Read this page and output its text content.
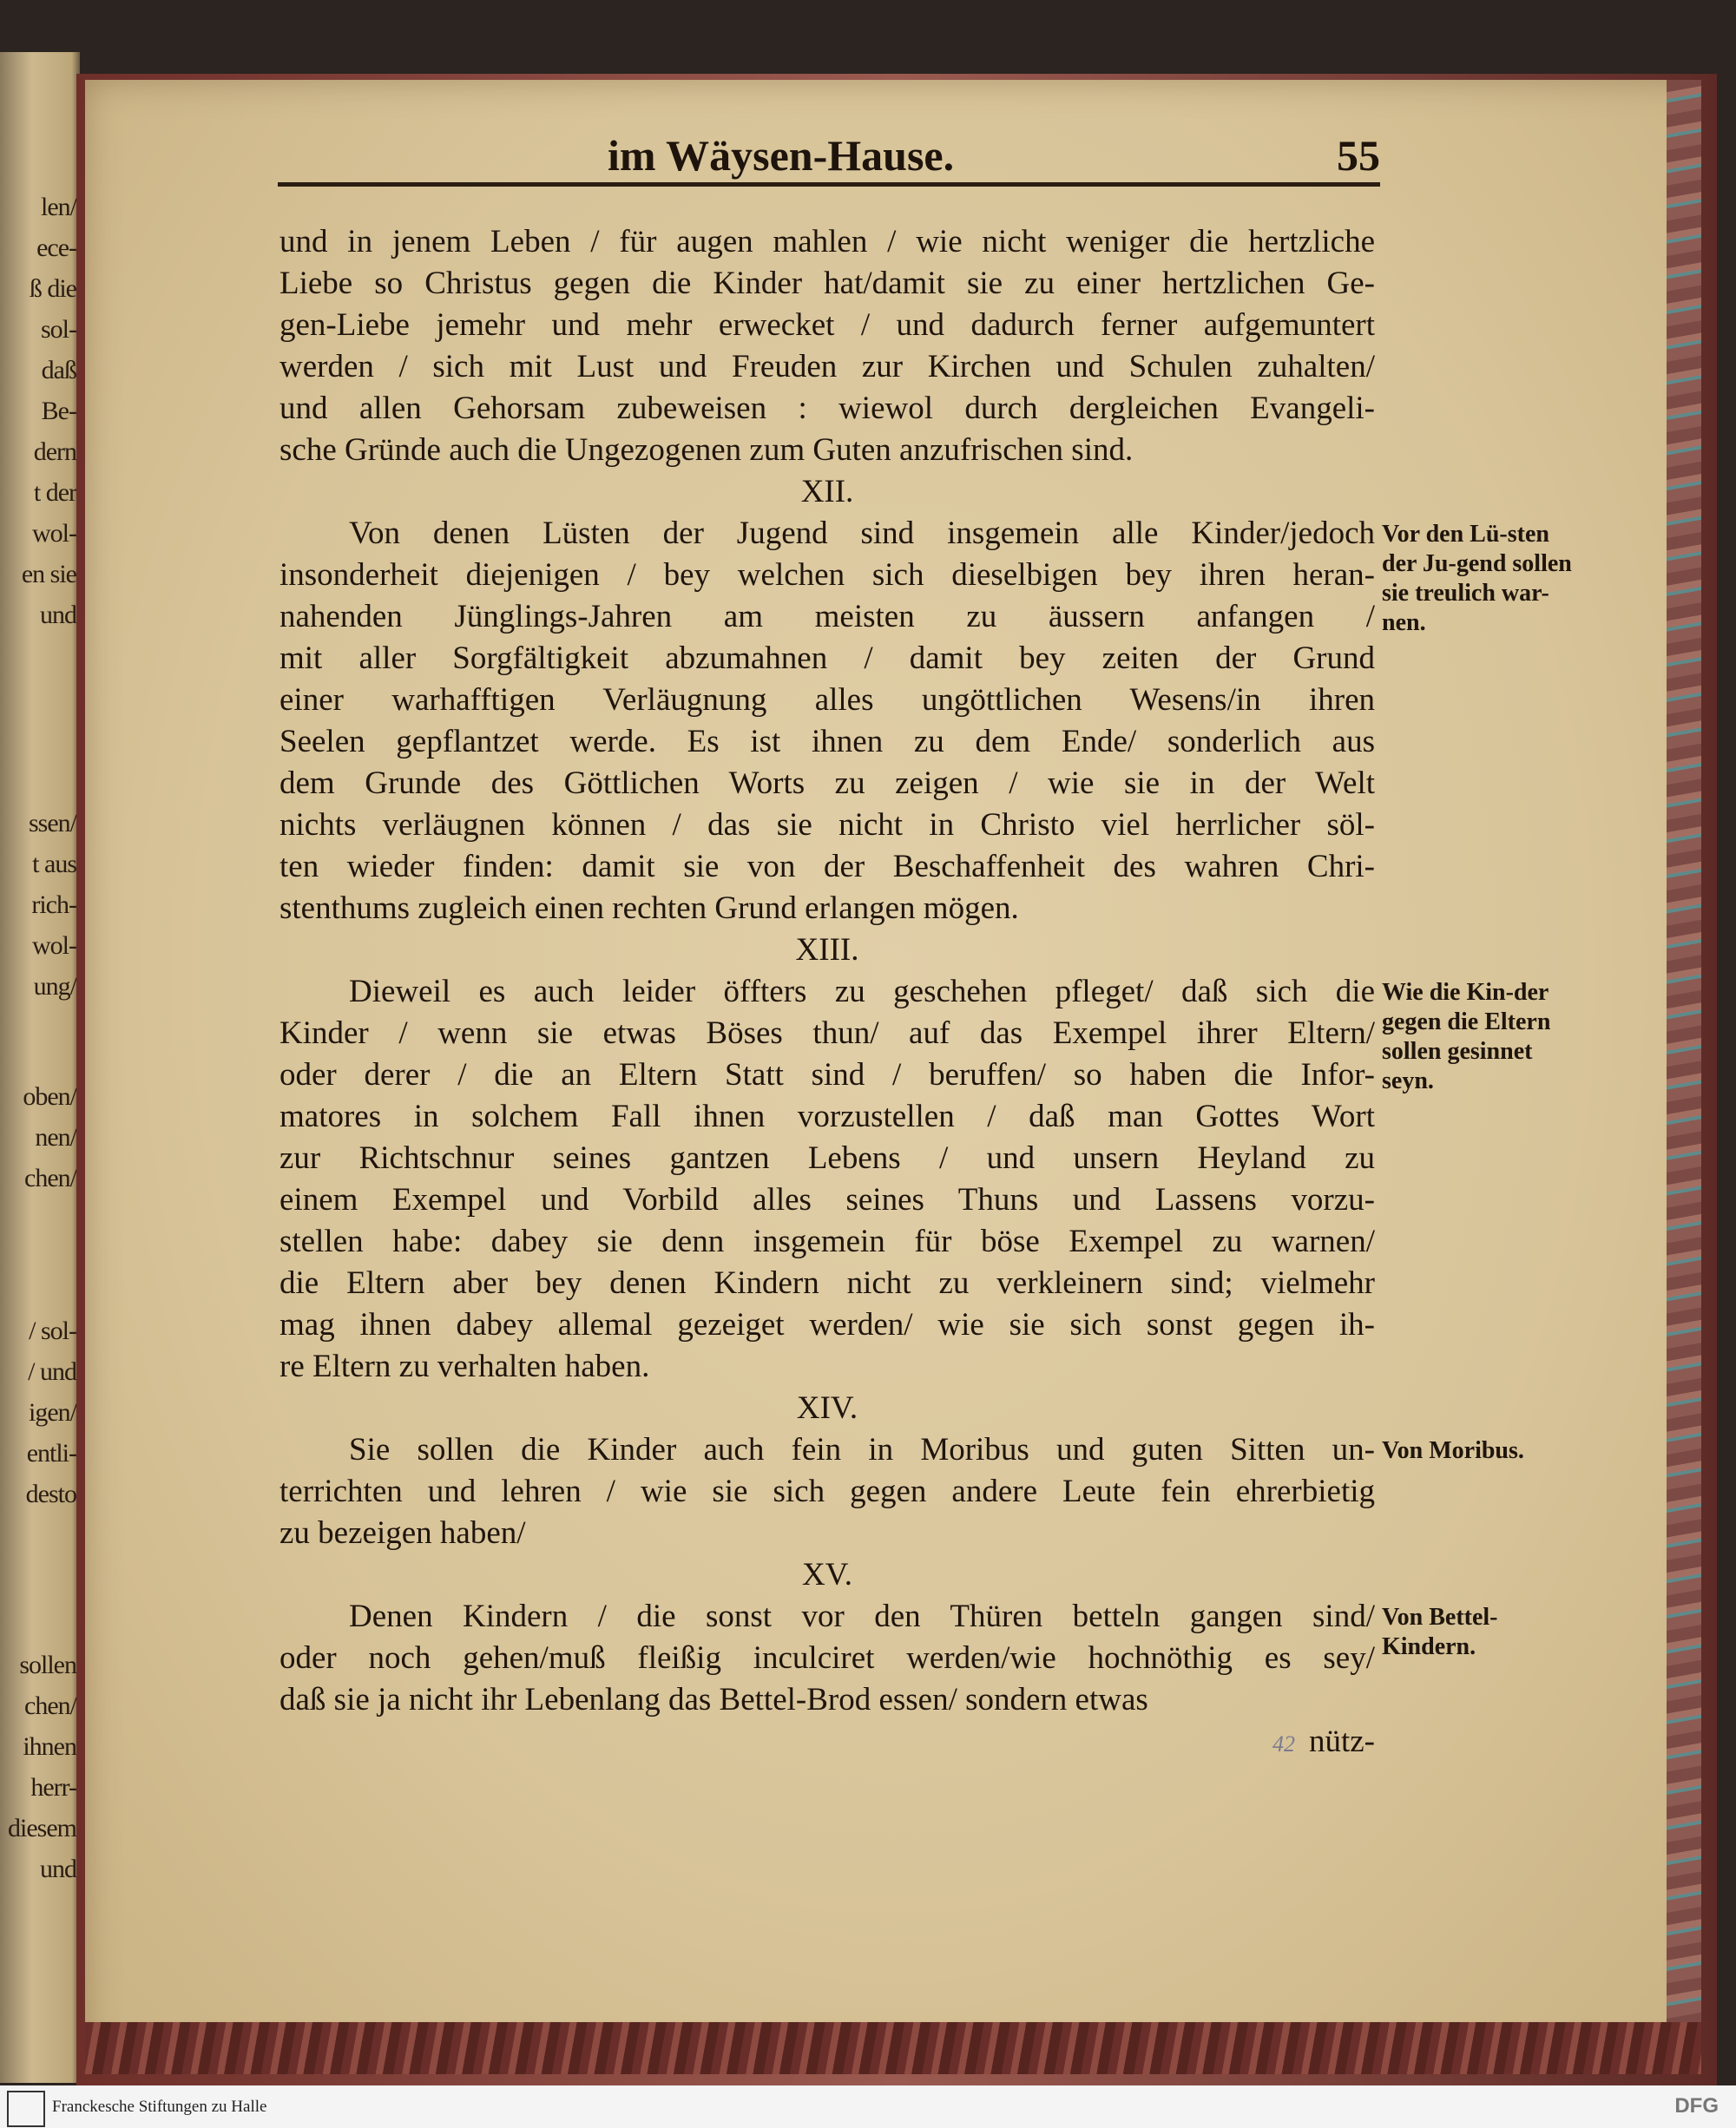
len/
ece-
ß die
sol-
daß
Be-
dern
t der
wol-
en sie
und
ssen/
t aus
rich-
wol-
ung/
oben/
nen/
chen/
/ sol-
/ und
igen/
entli-
desto
sollen
chen/
ihnen
herr-
diesem
und
im Wäysen-Hause.	55
und in jenem Leben / für augen mahlen / wie nicht weniger die hertzliche
Liebe so Christus gegen die Kinder hat/damit sie zu einer hertzlichen Ge-
gen-Liebe jemehr und mehr erwecket / und dadurch ferner aufgemuntert
werden / sich mit Lust und Freuden zur Kirchen und Schulen zuhalten/
und allen Gehorsam zubeweisen : wiewol durch dergleichen Evangeli-
sche Gründe auch die Ungezogenen zum Guten anzufrischen sind.
XII.
Von denen Lüsten der Jugend sind insgemein alle Kinder/jedoch
insonderheit diejenigen / bey welchen sich dieselbigen bey ihren heran-
nahenden Jünglings-Jahren am meisten zu äussern anfangen /
mit aller Sorgfältigkeit abzumahnen / damit bey zeiten der Grund
einer warhafftigen Verläugnung alles ungöttlichen Wesens/in ihren
Seelen gepflantzet werde. Es ist ihnen zu dem Ende/ sonderlich aus
dem Grunde des Göttlichen Worts zu zeigen / wie sie in der Welt
nichts verläugnen können / das sie nicht in Christo viel herrlicher söl-
ten wieder finden: damit sie von der Beschaffenheit des wahren Chri-
stenthums zugleich einen rechten Grund erlangen mögen.
Vor den Lü-sten der Ju-gend sollen sie treulich war-nen.
XIII.
Dieweil es auch leider öffters zu geschehen pfleget/ daß sich die
Kinder / wenn sie etwas Böses thun/ auf das Exempel ihrer Eltern/
oder derer / die an Eltern Statt sind / beruffen/ so haben die Infor-
matores in solchem Fall ihnen vorzustellen / daß man Gottes Wort
zur Richtschnur seines gantzen Lebens / und unsern Heyland zu
einem Exempel und Vorbild alles seines Thuns und Lassens vorzu-
stellen habe: dabey sie denn insgemein für böse Exempel zu warnen/
die Eltern aber bey denen Kindern nicht zu verkleinern sind; vielmehr
mag ihnen dabey allemal gezeiget werden/ wie sie sich sonst gegen ih-
re Eltern zu verhalten haben.
Wie die Kin-der gegen die Eltern sollen gesinnet seyn.
XIV.
Sie sollen die Kinder auch fein in Moribus und guten Sitten un-
terrichten und lehren / wie sie sich gegen andere Leute fein ehrerbietig
zu bezeigen haben/
Von Moribus.
XV.
Denen Kindern / die sonst vor den Thüren betteln gangen sind/
oder noch gehen/muß fleißig inculciret werden/wie hochnöthig es sey/
daß sie ja nicht ihr Lebenlang das Bettel-Brod essen/ sondern etwas
Von Bettel-Kindern.
42 nütz-
Franckesche Stiftungen zu Halle	DFG
